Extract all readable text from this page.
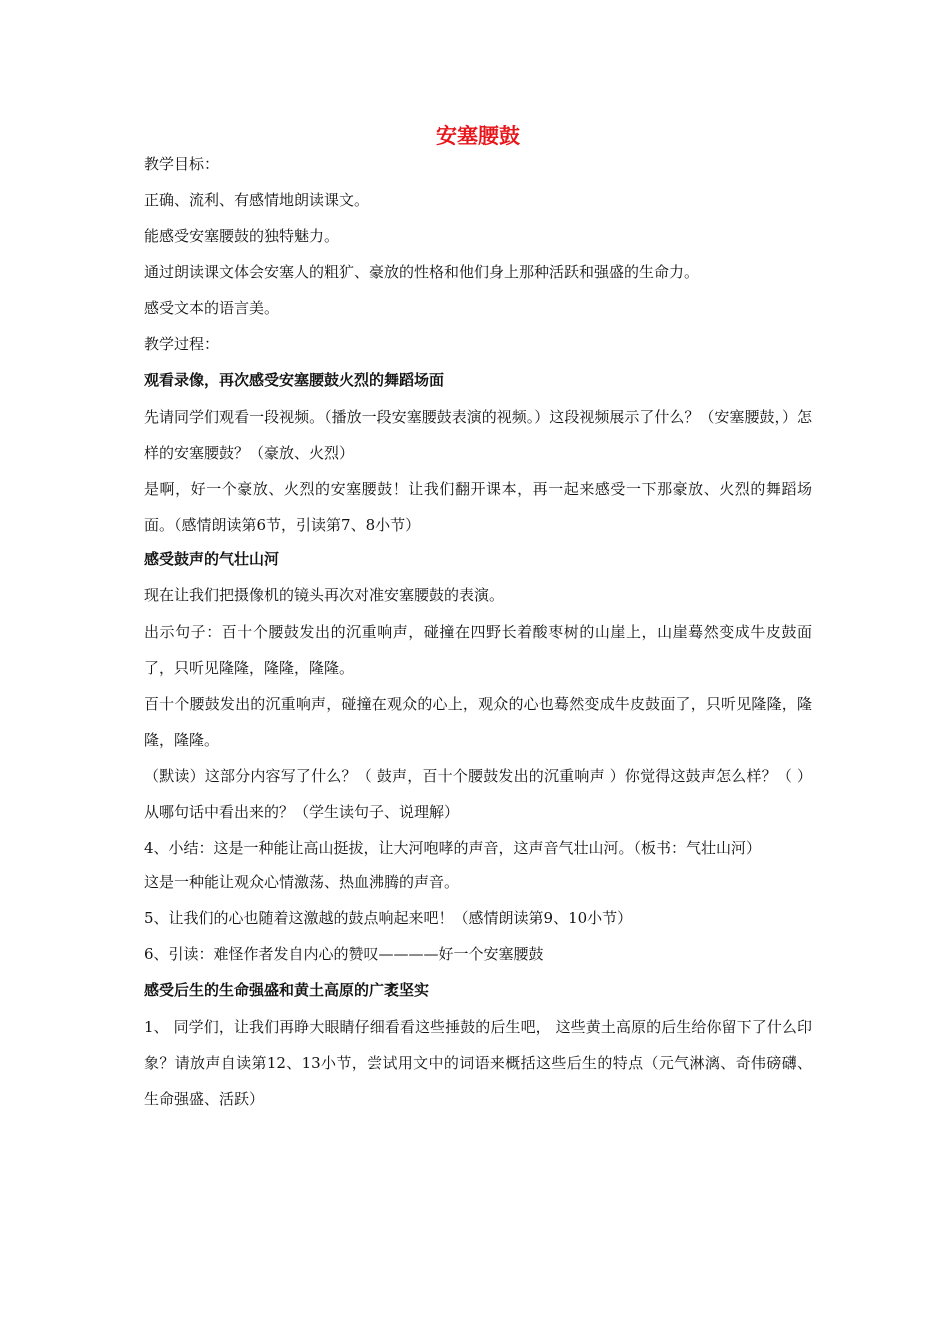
安塞腰鼓

教学目标：

正确、流利、有感情地朗读课文。

能感受安塞腰鼓的独特魅力。

通过朗读课文体会安塞人的粗犷、豪放的性格和他们身上那种活跃和强盛的生命力。

感受文本的语言美。

教学过程：

观看录像，再次感受安塞腰鼓火烈的舞蹈场面

先请同学们观看一段视频。（播放一段安塞腰鼓表演的视频。）这段视频展示了什么？（安塞腰鼓，）怎样的安塞腰鼓？（豪放、火烈）

是啊，好一个豪放、火烈的安塞腰鼓！让我们翻开课本，再一起来感受一下那豪放、火烈的舞蹈场面。（感情朗读第6节，引读第7、8小节）

感受鼓声的气壮山河

现在让我们把摄像机的镜头再次对准安塞腰鼓的表演。

出示句子：百十个腰鼓发出的沉重响声，碰撞在四野长着酸枣树的山崖上，山崖蓦然变成牛皮鼓面了，只听见隆隆，隆隆，隆隆。

百十个腰鼓发出的沉重响声，碰撞在观众的心上，观众的心也蓦然变成牛皮鼓面了，只听见隆隆，隆隆，隆隆。

（默读）这部分内容写了什么？（ 鼓声，百十个腰鼓发出的沉重响声 ）你觉得这鼓声怎么样？（ ）从哪句话中看出来的？（学生读句子、说理解）

4、小结：这是一种能让高山挺拔，让大河咆哮的声音，这声音气壮山河。（板书：气壮山河）

这是一种能让观众心情激荡、热血沸腾的声音。

5、让我们的心也随着这激越的鼓点响起来吧！（感情朗读第9、10小节）

6、引读：难怪作者发自内心的赞叹————好一个安塞腰鼓

感受后生的生命强盛和黄土高原的广袤坚实

1、 同学们，让我们再睁大眼睛仔细看看这些捶鼓的后生吧， 这些黄土高原的后生给你留下了什么印象？请放声自读第12、13小节，尝试用文中的词语来概括这些后生的特点（元气淋漓、奇伟磅礴、生命强盛、活跃）
